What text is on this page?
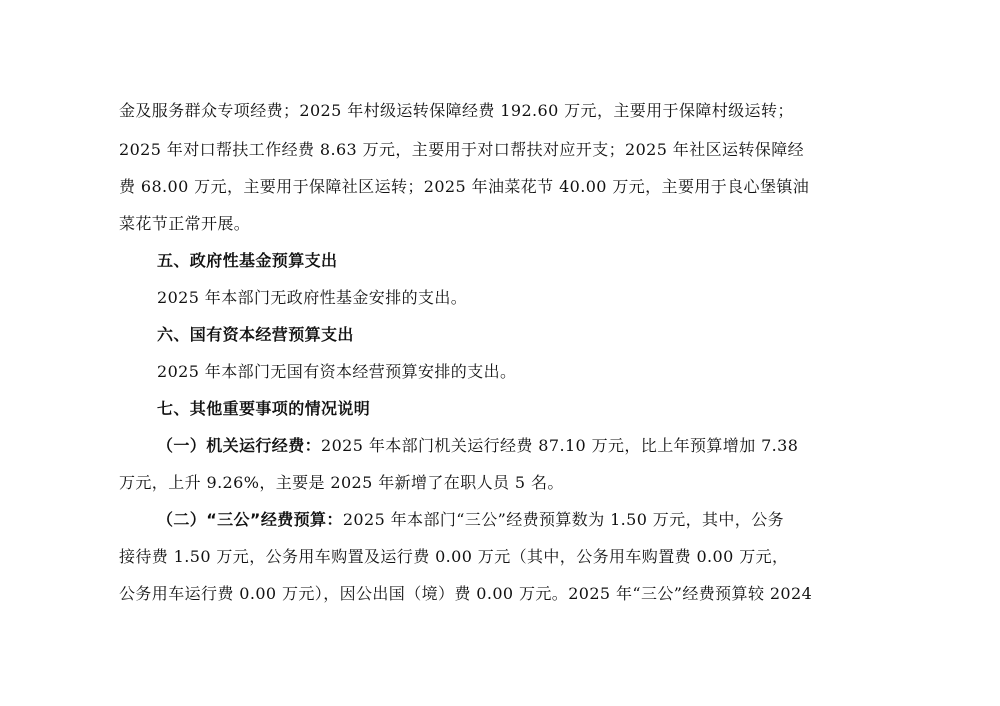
金及服务群众专项经费；2025 年村级运转保障经费 192.60 万元，主要用于保障村级运转；
2025 年对口帮扶工作经费 8.63 万元，主要用于对口帮扶对应开支；2025 年社区运转保障经
费 68.00 万元，主要用于保障社区运转；2025 年油菜花节 40.00 万元，主要用于良心堡镇油
菜花节正常开展。
五、政府性基金预算支出
2025 年本部门无政府性基金安排的支出。
六、国有资本经营预算支出
2025 年本部门无国有资本经营预算安排的支出。
七、其他重要事项的情况说明
（一）机关运行经费：2025 年本部门机关运行经费 87.10 万元，比上年预算增加 7.38
万元，上升 9.26%，主要是 2025 年新增了在职人员 5 名。
（二）“三公”经费预算：2025 年本部门“三公”经费预算数为 1.50 万元，其中，公务
接待费 1.50 万元，公务用车购置及运行费 0.00 万元（其中，公务用车购置费 0.00 万元，
公务用车运行费 0.00 万元），因公出国（境）费 0.00 万元。2025 年“三公”经费预算较 2024
